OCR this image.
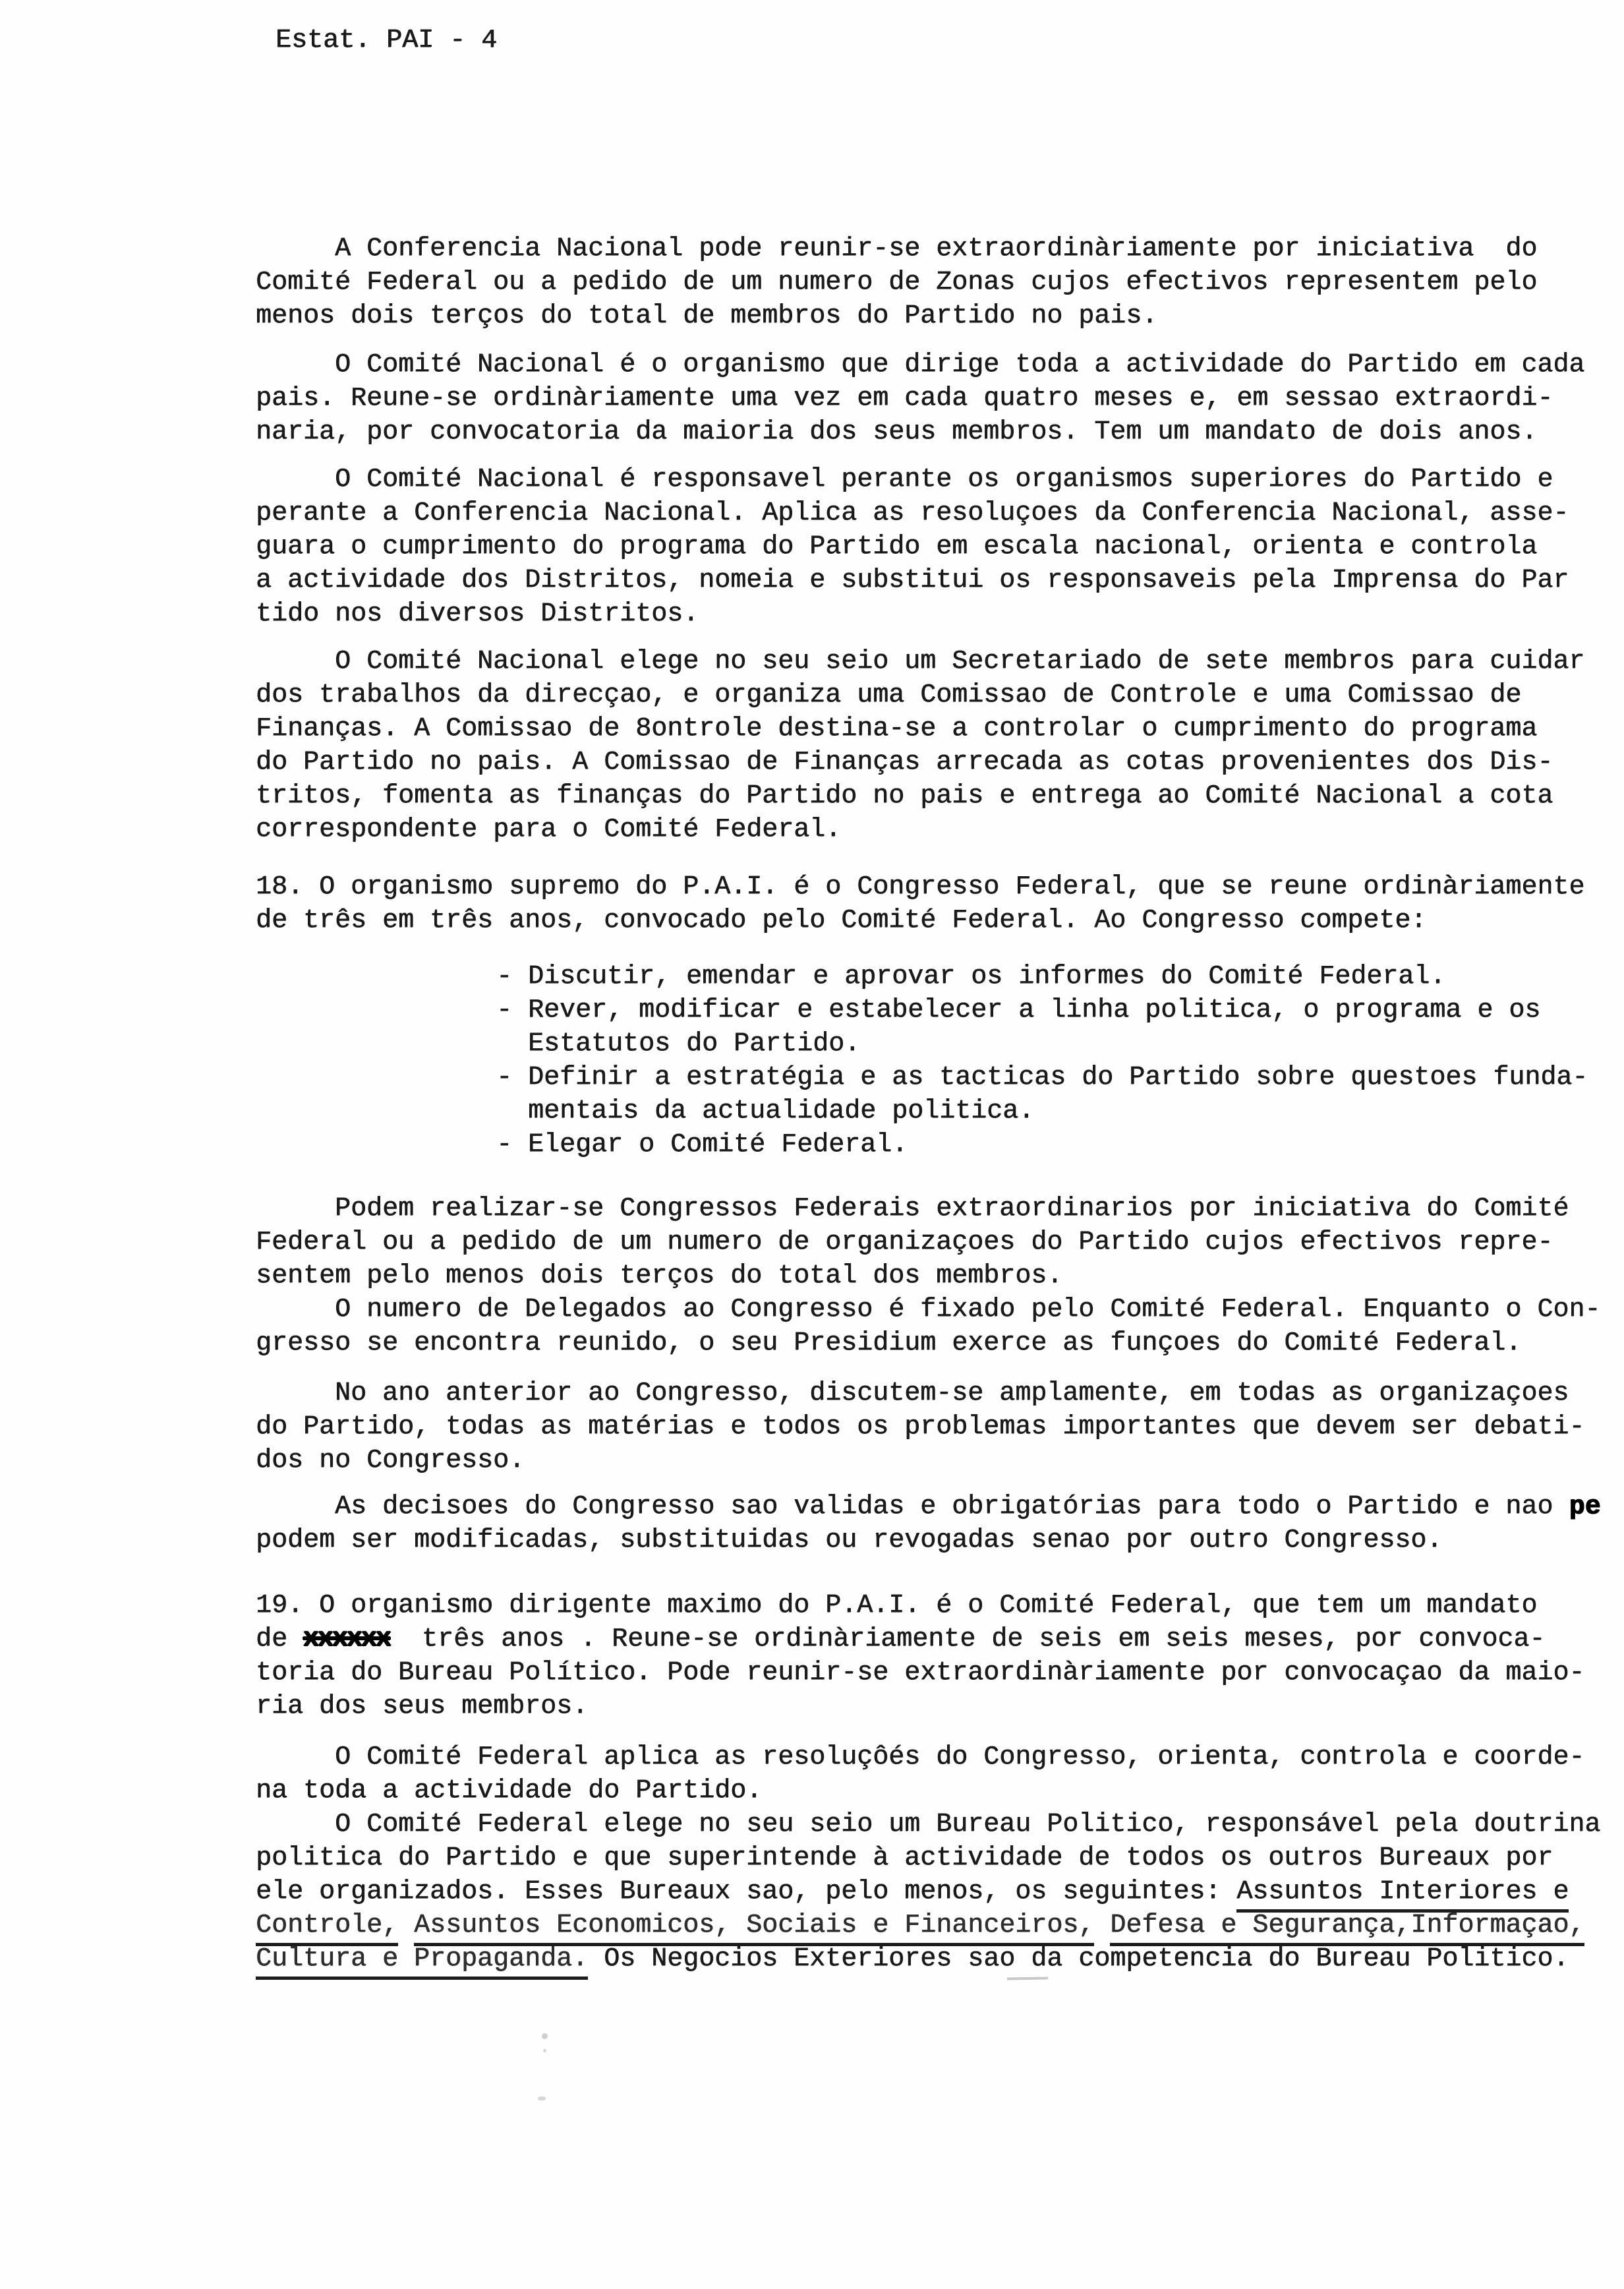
Estat. PAI - 4
A Conferencia Nacional pode reunir-se extraordinàriamente por iniciativa  do
Comité Federal ou a pedido de um numero de Zonas cujos efectivos representem pelo
menos dois terços do total de membros do Partido no pais.
O Comité Nacional é o organismo que dirige toda a actividade do Partido em cada
pais. Reune-se ordinàriamente uma vez em cada quatro meses e, em sessao extraordi-
naria, por convocatoria da maioria dos seus membros. Tem um mandato de dois anos.
O Comité Nacional é responsavel perante os organismos superiores do Partido e
perante a Conferencia Nacional. Aplica as resoluçoes da Conferencia Nacional, asse-
guara o cumprimento do programa do Partido em escala nacional, orienta e controla
a actividade dos Distritos, nomeia e substitui os responsaveis pela Imprensa do Par
tido nos diversos Distritos.
O Comité Nacional elege no seu seio um Secretariado de sete membros para cuidar
dos trabalhos da direcçao, e organiza uma Comissao de Controle e uma Comissao de
Finanças. A Comissao de 8ontrole destina-se a controlar o cumprimento do programa
do Partido no pais. A Comissao de Finanças arrecada as cotas provenientes dos Dis-
tritos, fomenta as finanças do Partido no pais e entrega ao Comité Nacional a cota
correspondente para o Comité Federal.
18. O organismo supremo do P.A.I. é o Congresso Federal, que se reune ordinàriamente
de três em três anos, convocado pelo Comité Federal. Ao Congresso compete:
- Discutir, emendar e aprovar os informes do Comité Federal.
- Rever, modificar e estabelecer a linha politica, o programa e os
Estatutos do Partido.
- Definir a estratégia e as tacticas do Partido sobre questoes funda-
mentais da actualidade politica.
- Elegar o Comité Federal.
Podem realizar-se Congressos Federais extraordinarios por iniciativa do Comité
Federal ou a pedido de um numero de organizaçoes do Partido cujos efectivos repre-
sentem pelo menos dois terços do total dos membros.
O numero de Delegados ao Congresso é fixado pelo Comité Federal. Enquanto o Con-
gresso se encontra reunido, o seu Presidium exerce as funçoes do Comité Federal.
No ano anterior ao Congresso, discutem-se amplamente, em todas as organizaçoes
do Partido, todas as matérias e todos os problemas importantes que devem ser debati-
dos no Congresso.
As decisoes do Congresso sao validas e obrigatórias para todo o Partido e nao pe
podem ser modificadas, substituidas ou revogadas senao por outro Congresso.
19. O organismo dirigente maximo do P.A.I. é o Comité Federal, que tem um mandato
de xxxxxx  três anos . Reune-se ordinàriamente de seis em seis meses, por convoca-
toria do Bureau Político. Pode reunir-se extraordinàriamente por convocaçao da maio-
ria dos seus membros.
O Comité Federal aplica as resoluçôés do Congresso, orienta, controla e coorde-
na toda a actividade do Partido.
O Comité Federal elege no seu seio um Bureau Politico, responsável pela doutrina
politica do Partido e que superintende à actividade de todos os outros Bureaux por
ele organizados. Esses Bureaux sao, pelo menos, os seguintes: Assuntos Interiores e
Controle, Assuntos Economicos, Sociais e Financeiros, Defesa e Segurança,Informaçao,
Cultura e Propaganda. Os Negocios Exteriores sao da competencia do Bureau Politico.
